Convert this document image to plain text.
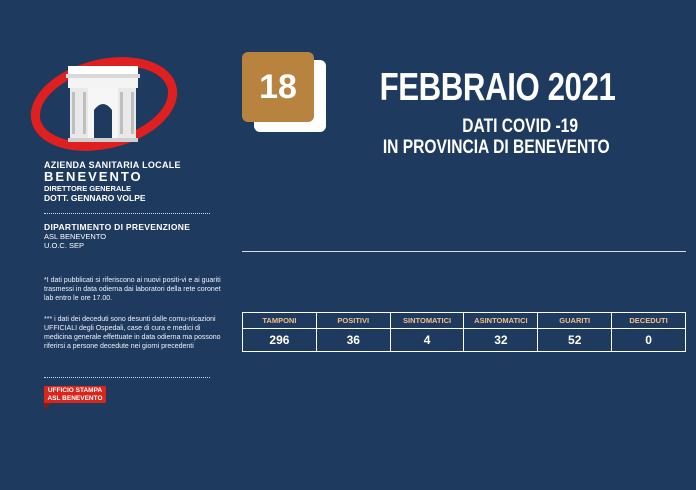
AZIENDA SANITARIA LOCALE
BENEVENTO
DIRETTORE GENERALE
DOTT. GENNARO VOLPE
DIPARTIMENTO DI PREVENZIONE
ASL BENEVENTO
U.O.C. SEP
*I dati pubblicati si riferiscono ai nuovi positi-vi e ai guariti trasmessi in data odierna dai laboratori della rete coronet lab entro le ore 17.00.
*** i dati dei deceduti sono desunti dalle comu-nicazioni UFFICIALI degli Ospedali, case di cura e medici di medicina generale effettuate in data odierna ma possono riferirsi a persone decedute nei giorni precedenti
UFFICIO STAMPA
ASL BENEVENTO
18	FEBBRAIO 2021
DATI COVID -19
IN PROVINCIA DI BENEVENTO
TAMPONI	POSITIVI	SINTOMATICI	ASINTOMATICI	GUARITI	DECEDUTI
296	36	4	32	52	0
